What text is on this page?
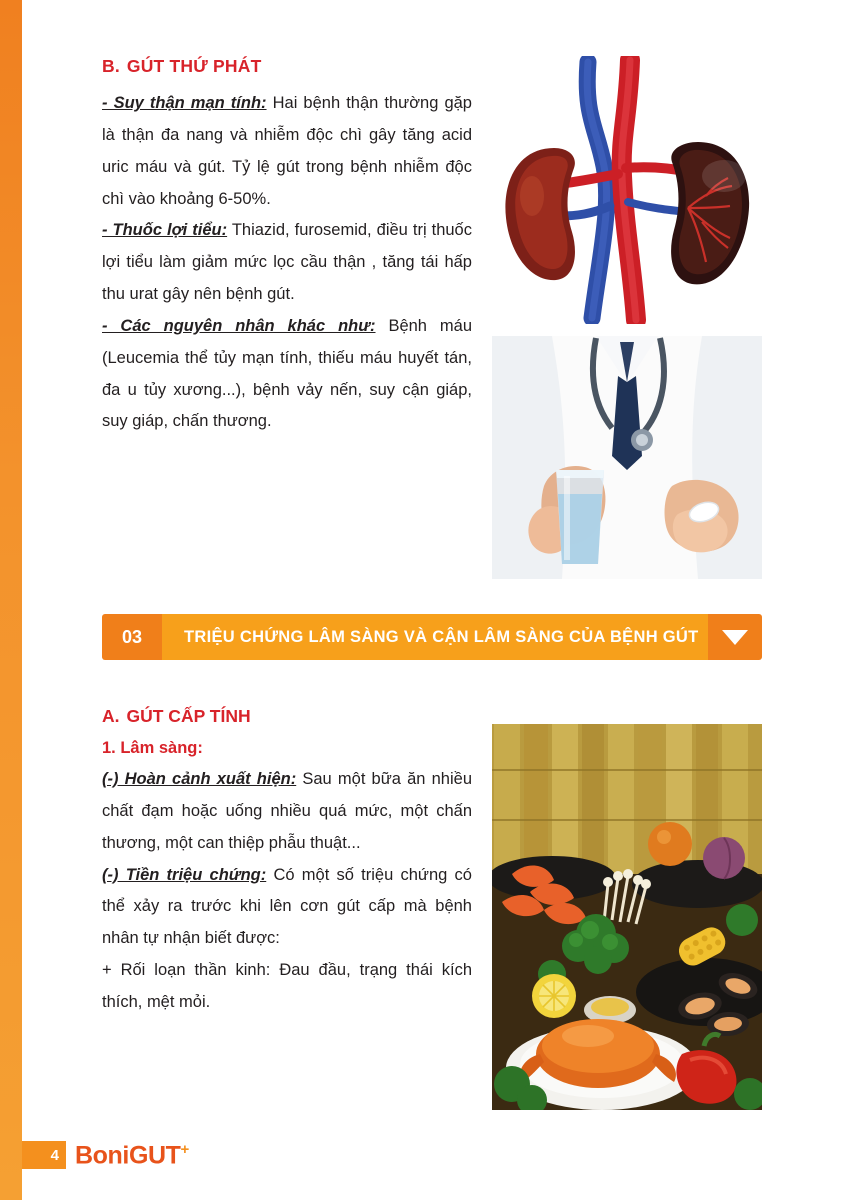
B. GÚT THỨ PHÁT

- Suy thận mạn tính: Hai bệnh thận thường gặp là thận đa nang và nhiễm độc chì gây tăng acid uric máu và gút. Tỷ lệ gút trong bệnh nhiễm độc chì vào khoảng 6-50%.

- Thuốc lợi tiểu: Thiazid, furosemid, điều trị thuốc lợi tiểu làm giảm mức lọc cầu thận , tăng tái hấp thu urat gây nên bệnh gút.

- Các nguyên nhân khác như: Bệnh máu (Leucemia thể tủy mạn tính, thiếu máu huyết tán, đa u tủy xương...), bệnh vảy nến, suy cận giáp, suy giáp, chấn thương.

03	TRIỆU CHỨNG LÂM SÀNG VÀ CẬN LÂM SÀNG CỦA BỆNH GÚT
A. GÚT CẤP TÍNH
1. Lâm sàng:

(-) Hoàn cảnh xuất hiện: Sau một bữa ăn nhiều chất đạm hoặc uống nhiều quá mức, một chấn thương, một can thiệp phẫu thuật...

(-) Tiền triệu chứng: Có một số triệu chứng có thể xảy ra trước khi lên cơn gút cấp mà bệnh nhân tự nhận biết được:

+ Rối loạn thần kinh: Đau đầu, trạng thái kích thích, mệt mỏi.

4 BoniGUT+
